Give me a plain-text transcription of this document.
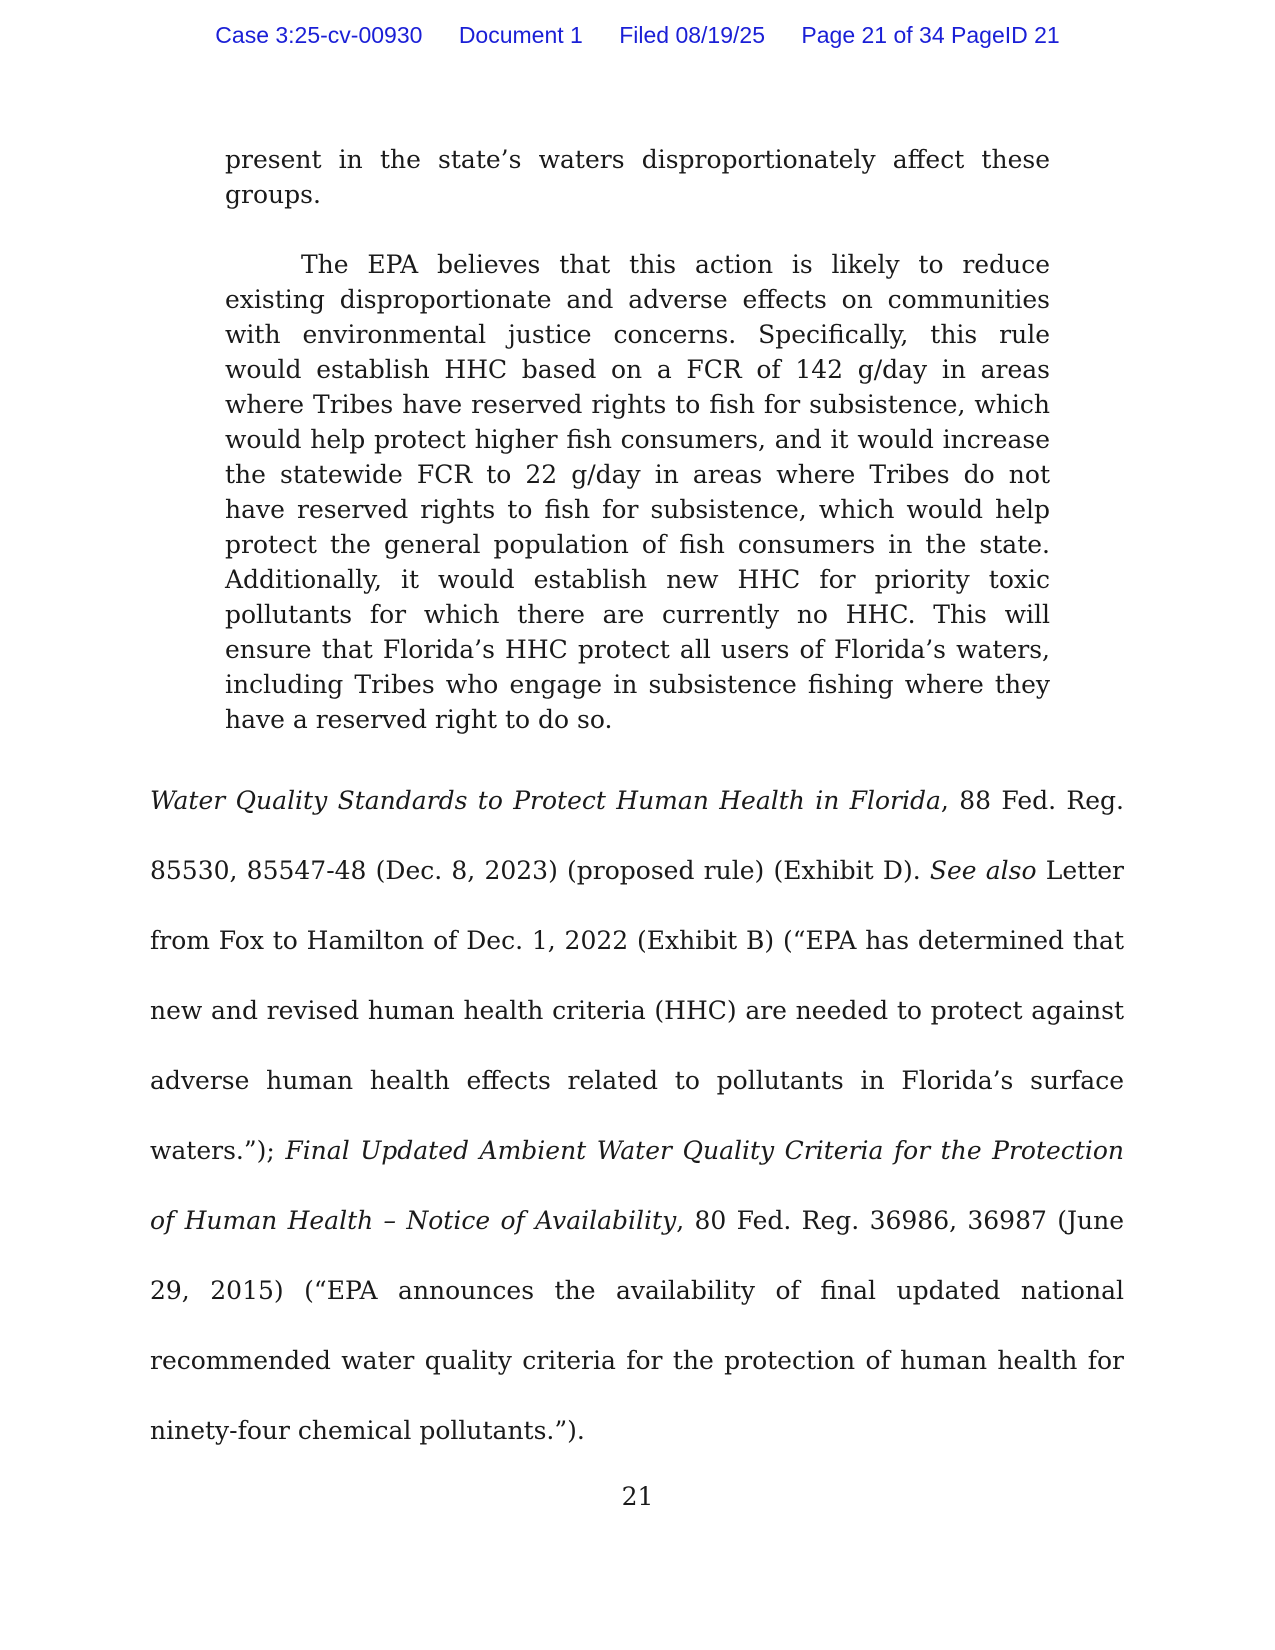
Case 3:25-cv-00930 Document 1 Filed 08/19/25 Page 21 of 34 PageID 21

present in the state’s waters disproportionately affect these groups.

The EPA believes that this action is likely to reduce existing disproportionate and adverse effects on communities with environmental justice concerns. Specifically, this rule would establish HHC based on a FCR of 142 g/day in areas where Tribes have reserved rights to fish for subsistence, which would help protect higher fish consumers, and it would increase the statewide FCR to 22 g/day in areas where Tribes do not have reserved rights to fish for subsistence, which would help protect the general population of fish consumers in the state. Additionally, it would establish new HHC for priority toxic pollutants for which there are currently no HHC. This will ensure that Florida’s HHC protect all users of Florida’s waters, including Tribes who engage in subsistence fishing where they have a reserved right to do so.

Water Quality Standards to Protect Human Health in Florida, 88 Fed. Reg. 85530, 85547-48 (Dec. 8, 2023) (proposed rule) (Exhibit D). See also Letter from Fox to Hamilton of Dec. 1, 2022 (Exhibit B) (“EPA has determined that new and revised human health criteria (HHC) are needed to protect against adverse human health effects related to pollutants in Florida’s surface waters.”); Final Updated Ambient Water Quality Criteria for the Protection of Human Health – Notice of Availability, 80 Fed. Reg. 36986, 36987 (June 29, 2015) (“EPA announces the availability of final updated national recommended water quality criteria for the protection of human health for ninety-four chemical pollutants.”).

21
